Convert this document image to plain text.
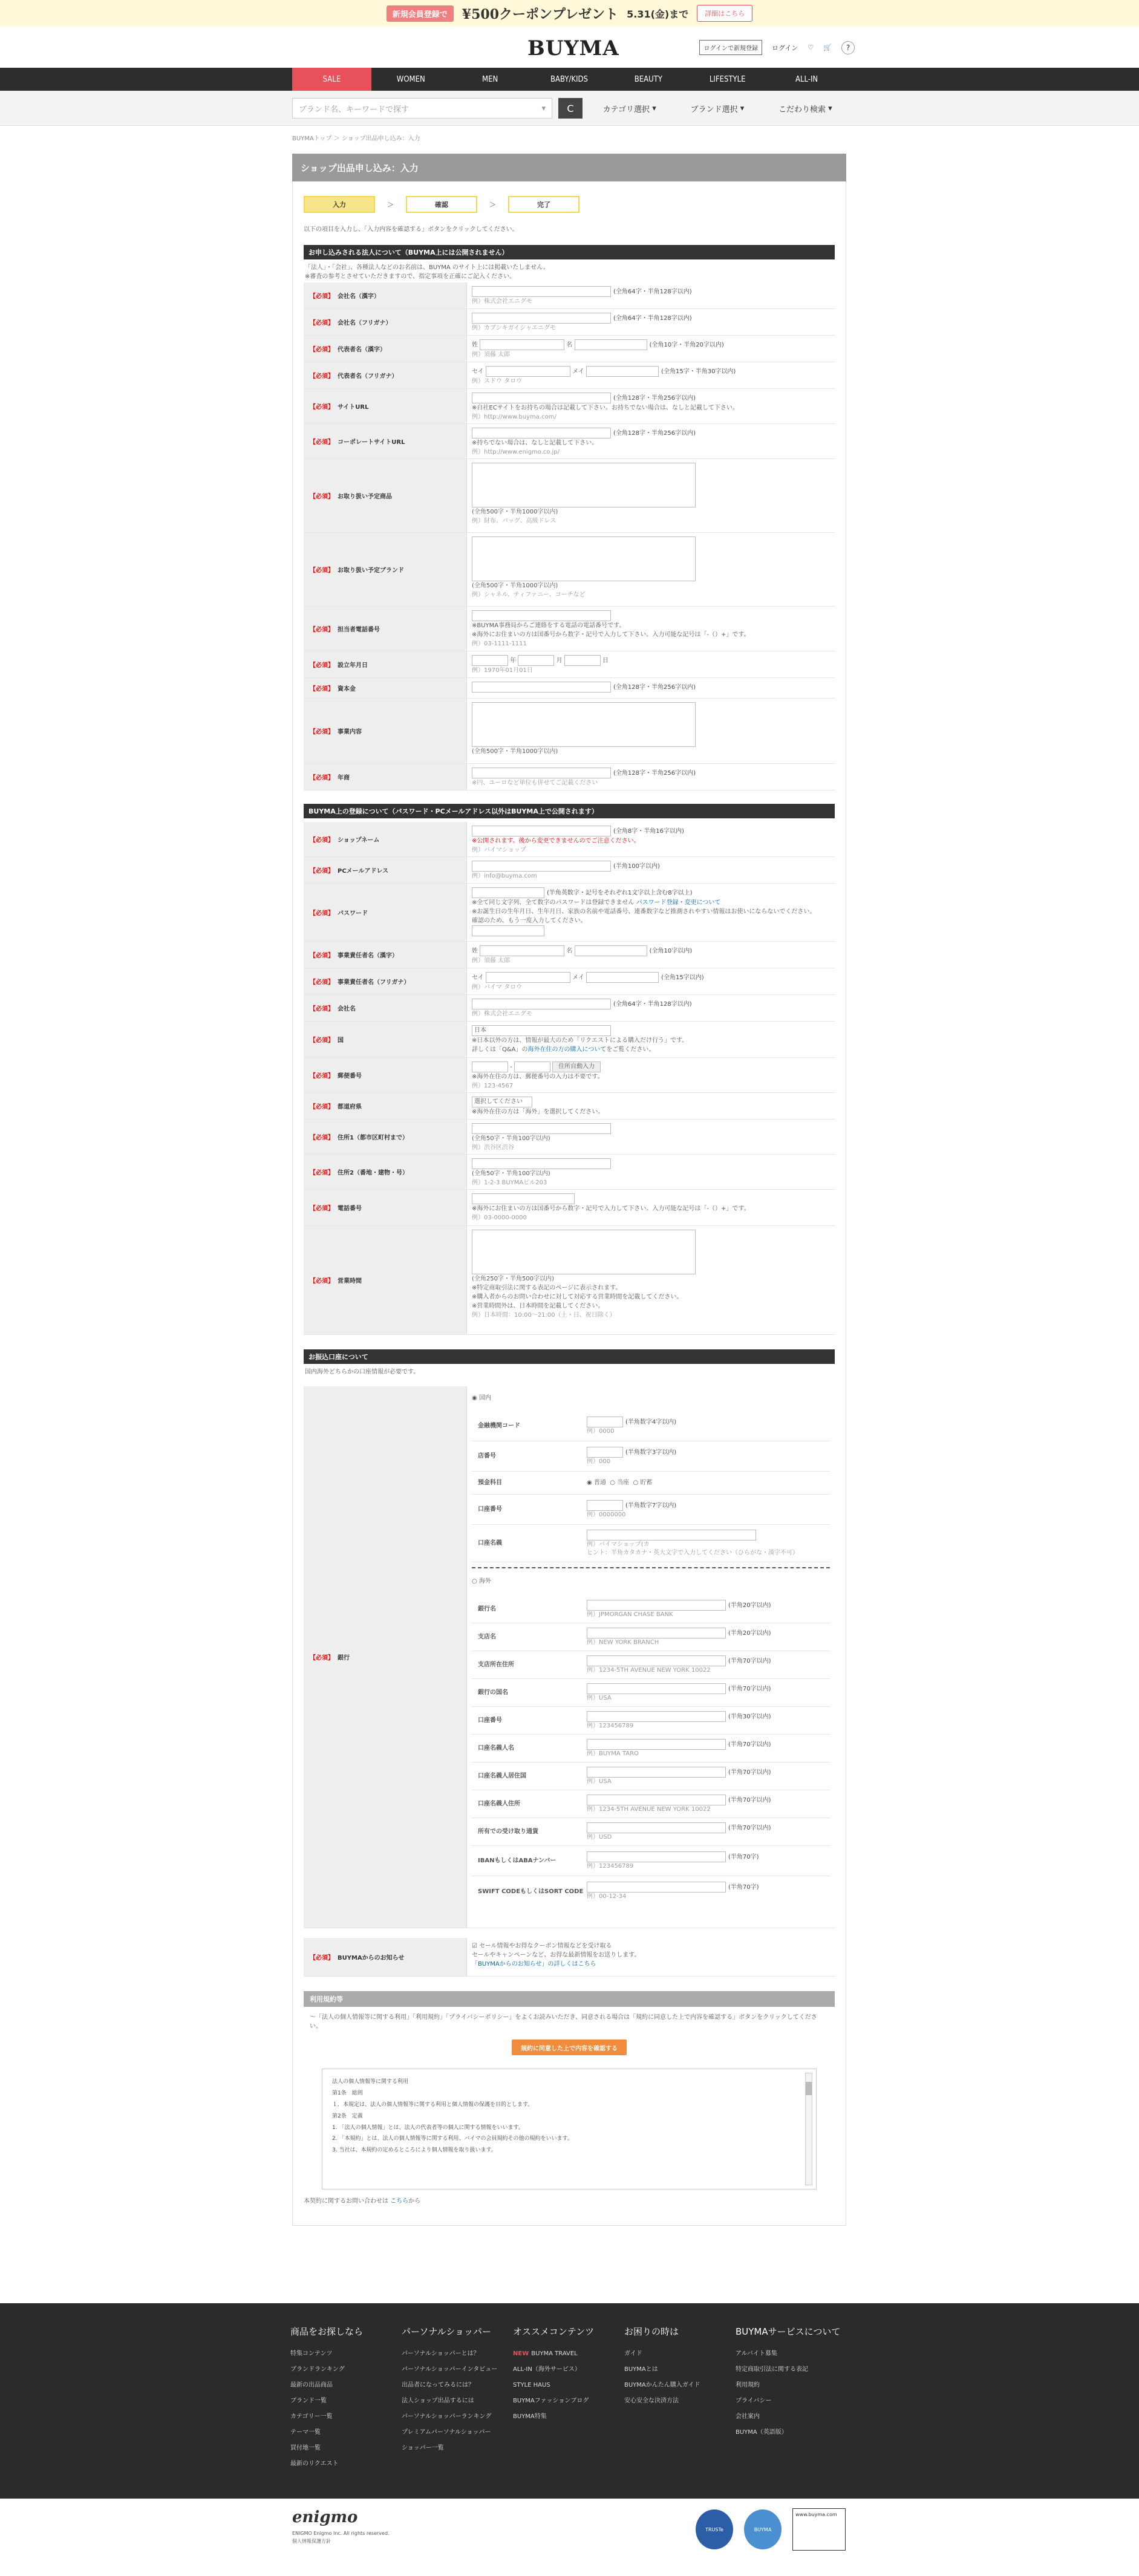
新規会員登録で	¥500クーポンプレゼント 5.31(金)まで	詳細はこちら
BUYMA	ログインで新規登録	ログイン ♡ 🛒	?
SALE	WOMEN	MEN	BABY/KIDS	BEAUTY	LIFESTYLE	ALL-IN
ブランド名、キーワードで探す	▾	C	カテゴリ選択 ▾	ブランド選択 ▾	こだわり検索 ▾
BUYMAトップ ＞ ショップ出品申し込み：入力
ショップ出品申し込み：入力
入力	＞	確認	＞	完了
以下の項目を入力し、「入力内容を確認する」ボタンをクリックしてください。
お申し込みされる法人について（BUYMA上には公開されません）
「法人」・「会社」、各種法人などのお名前は、BUYMA のサイト上には掲載いたしません。
※審査の参考とさせていただきますので、指定事項を正確にご記入ください。
【必須】 会社名（漢字）
(全角64字・半角128字以内)
例）株式会社エニグモ
【必須】 会社名（フリガナ）
(全角64字・半角128字以内)
例）カブシキガイシャエニグモ
【必須】 代表者名（漢字）
姓	名	(全角10字・半角20字以内)
例）須藤 太郎
【必須】 代表者名（フリガナ）
セイ	メイ	(全角15字・半角30字以内)
例）スドウ タロウ
【必須】 サイトURL
(全角128字・半角256字以内)
※自社ECサイトをお持ちの場合は記載して下さい。お持ちでない場合は、なしと記載して下さい。
例）http://www.buyma.com/
【必須】 コーポレートサイトURL
(全角128字・半角256字以内)
※持ちでない場合は、なしと記載して下さい。
例）http://www.enigmo.co.jp/
【必須】 お取り扱い予定商品
(全角500字・半角1000字以内)
例）財布、バッグ、高級ドレス
【必須】 お取り扱い予定ブランド
(全角500字・半角1000字以内)
例）シャネル、ティファニー、コーチなど
【必須】 担当者電話番号
※BUYMA事務局からご連絡をする電話の電話番号です。
※海外にお住まいの方は国番号から数字・記号で入力して下さい。入力可能な記号は「-（）+」です。
例）03-1111-1111
【必須】 設立年月日
年	月	日
例）1970年01月01日
【必須】 資本金	(全角128字・半角256字以内)
【必須】 事業内容
(全角500字・半角1000字以内)
【必須】 年商
(全角128字・半角256字以内)
※円、ユーロなど単位も併せてご記載ください
BUYMA上の登録について（パスワード・PCメールアドレス以外はBUYMA上で公開されます）
【必須】 ショップネーム
(全角8字・半角16字以内)
※公開されます。後から変更できませんのでご注意ください。
例）バイマショップ
【必須】 PCメールアドレス
(半角100字以内)
例）info@buyma.com
【必須】 パスワード
(半角英数字・記号をそれぞれ1文字以上含む8字以上)
※全て同じ文字列、全て数字のパスワードは登録できません パスワード登録・変更について
※お誕生日の生年月日、生年月日、家族の名前や電話番号、連番数字など推測されやすい情報はお使いにならないでください。
確認のため、もう一度入力してください。
【必須】 事業責任者名（漢字）
姓	名	(全角10字以内)
例）須藤 太郎
【必須】 事業責任者名（フリガナ）
セイ	メイ	(全角15字以内)
例）バイマ タロウ
【必須】 会社名
(全角64字・半角128字以内)
例）株式会社エニグモ
【必須】 国
日本
※日本以外の方は、情報が最大のため「リクエストによる購入だけ行う」です。
詳しくは「Q&A」の海外在住の方の購入についてをご覧ください。
【必須】 郵便番号
-	住所自動入力
※海外在住の方は、郵便番号の入力は不要です。
例）123-4567
【必須】 都道府県
選択してください
※海外在住の方は「海外」を選択してください。
【必須】 住所1（都市区町村まで）	(全角50字・半角100字以内)
例）渋谷区渋谷
【必須】 住所2（番地・建物・号）	(全角50字・半角100字以内)
例）1-2-3 BUYMAビル203
【必須】 電話番号	※海外にお住まいの方は国番号から数字・記号で入力して下さい。入力可能な記号は「-（）+」です。
例）03-0000-0000
【必須】 営業時間	(全角250字・半角500字以内)
※特定商取引法に関する表記のページに表示されます。
※購入者からのお問い合わせに対して対応する営業時間を記載してください。
※営業時間外は、日本時間を記載してください。
例）日本時間：10:00〜21:00（土・日、祝日除く）
お振込口座について
国内海外どちらかの口座情報が必要です。
【必須】 銀行
◉ 国内
金融機関コード
(半角数字4字以内)
例）0000
店番号
(半角数字3字以内)
例）000
預金科目	◉ 普通 ○ 当座 ○ 貯蓄
口座番号
(半角数字7字以内)
例）0000000
口座名義	例）バイマショップ(カ
ヒント：半角カタカナ・英大文字で入力してください（ひらがな・漢字不可）
○ 海外
銀行名
(半角20字以内)
例）JPMORGAN CHASE BANK
支店名
(半角20字以内)
例）NEW YORK BRANCH
支店所在住所
(半角70字以内)
例）1234-5TH AVENUE NEW YORK 10022
銀行の国名
(半角70字以内)
例）USA
口座番号
(半角30字以内)
例）123456789
口座名義人名
(半角70字以内)
例）BUYMA TARO
口座名義人居住国
(半角70字以内)
例）USA
口座名義人住所
(半角70字以内)
例）1234-5TH AVENUE NEW YORK 10022
所有での受け取り通貨
(半角70字以内)
例）USD
IBANもしくはABAナンバー
(半角70字)
例）123456789
SWIFT CODEもしくはSORT CODE
(半角70字)
例）00-12-34
【必須】 BUYMAからのお知らせ
☑ セール情報やお得なクーポン情報などを受け取る
セールやキャンペーンなど、お得な最新情報をお送りします。
「BUYMAからのお知らせ」の詳しくはこちら
利用規約等
〜「法人の個人情報等に関する利用」「利用規約」「プライバシーポリシー」をよくお読みいただき、同意される場合は「規約に同意した上で内容を確認する」ボタンをクリックしてください。
規約に同意した上で内容を確認する
法人の個人情報等に関する利用
第1条　総則
１．本規定は、法人の個人情報等に関する利用と個人情報の保護を目的とします。
第2条　定義
1. 「法人の個人情報」とは、法人の代表者等の個人に関する情報をいいます。
2. 「本規約」とは、法人の個人情報等に関する利用、バイマの会員規約その他の規約をいいます。
3. 当社は、本規約の定めるところにより個人情報を取り扱います。
本契約に関するお問い合わせは こちらから
商品をお探しなら
特集コンテンツ
ブランドランキング
最新の出品商品
ブランド一覧
カテゴリー一覧
テーマ一覧
買付地一覧
最新のリクエスト
パーソナルショッパー
パーソナルショッパーとは？
パーソナルショッパーインタビュー
出品者になってみるには？
法人ショップ出品するには
パーソナルショッパーランキング
プレミアムパーソナルショッパー
ショッパー一覧
オススメコンテンツ
NEW BUYMA TRAVEL
ALL-IN（海外サービス）
STYLE HAUS
BUYMAファッションブログ
BUYMA特集
お困りの時は
ガイド
BUYMAとは
BUYMAかんたん購入ガイド
安心安全な決済方法
BUYMAサービスについて
アルバイト募集
特定商取引法に関する表記
利用規約
プライバシー
会社案内
BUYMA（英語版）
enigmo
ENIGMO Enigmo Inc. All rights reserved.
個人情報保護方針
TRUSTe	BUYMA
www.buyma.com
